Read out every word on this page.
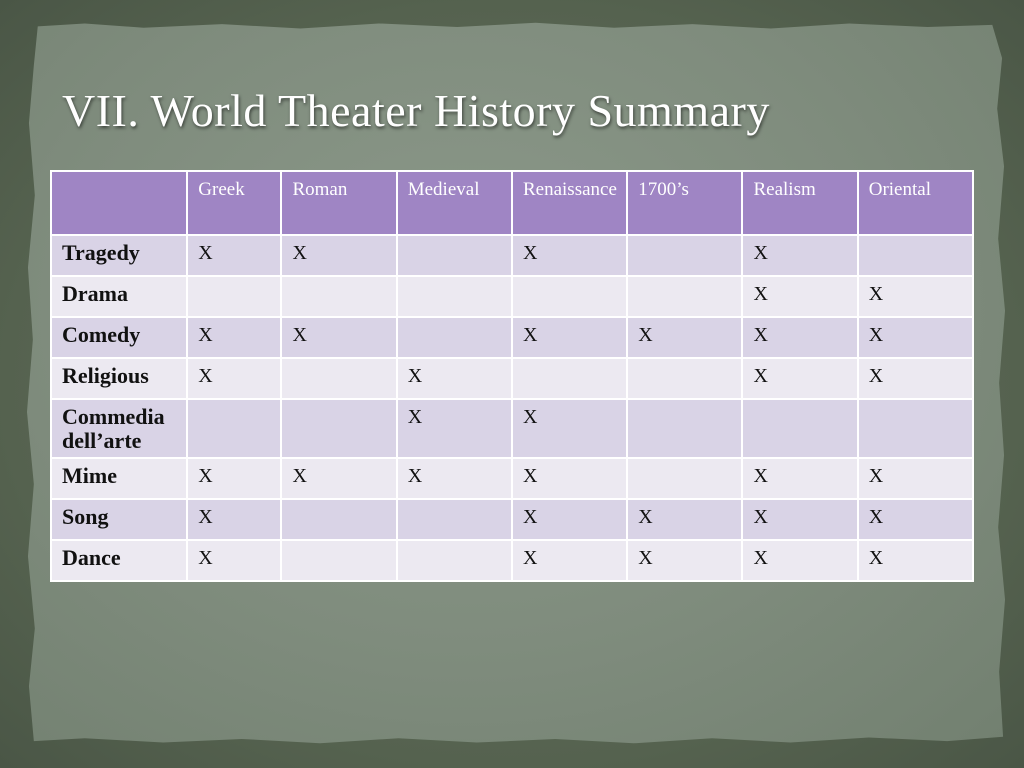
VII. World Theater History Summary
	Greek	Roman	Medieval	Renaissance	1700’s	Realism	Oriental
Tragedy	X	X		X		X	
Drama						X	X
Comedy	X	X		X	X	X	X
Religious	X		X			X	X
Commedia dell’arte			X	X			
Mime	X	X	X	X		X	X
Song	X			X	X	X	X
Dance	X			X	X	X	X
